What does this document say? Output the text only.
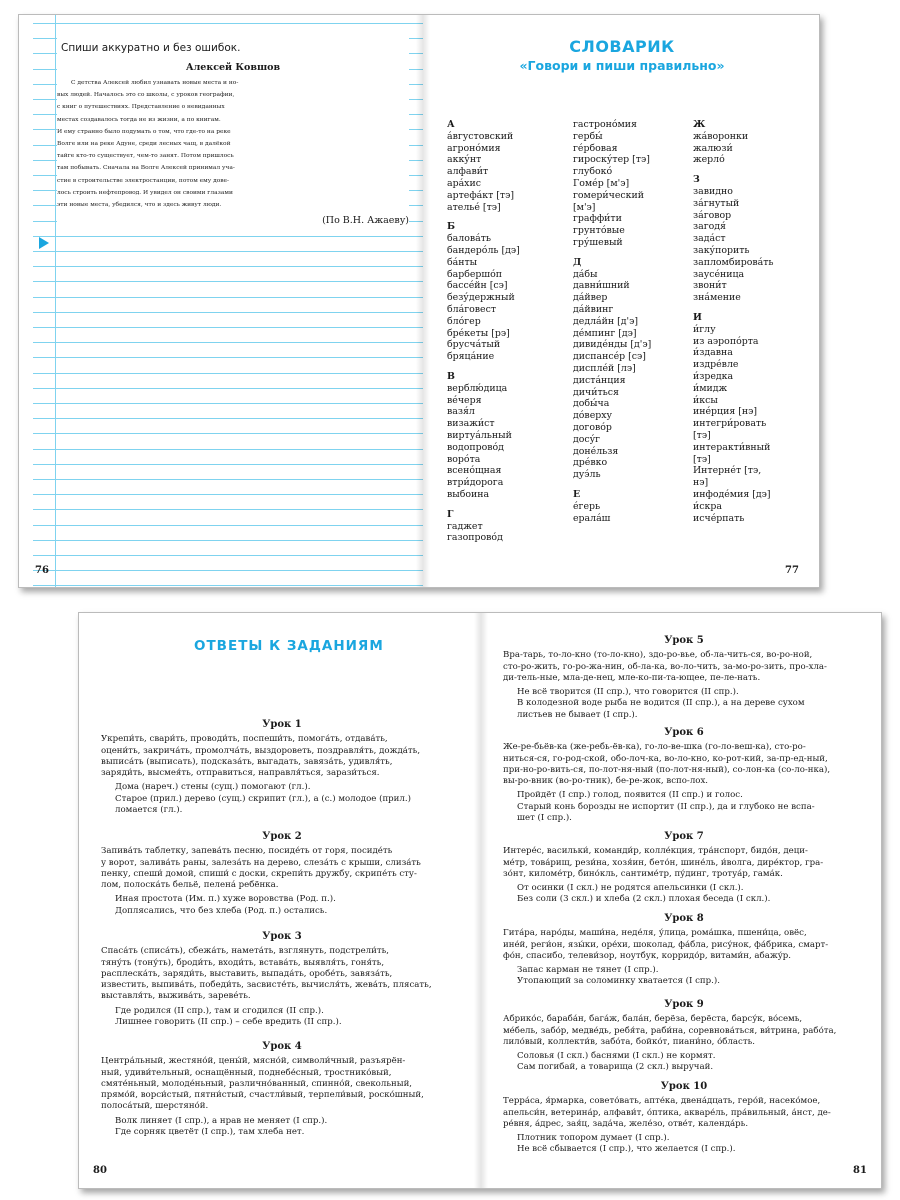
Спиши аккуратно и без ошибок.
Алексей Ковшов
С детства Алексей любил узнавать новые места и но-
вых людей. Началось это со школы, с уроков географии,
с книг о путешествиях. Представление о невиданных
местах создавалось тогда не из жизни, а по книгам.
И ему странно было подумать о том, что где-то на реке
Волге или на реке Адуне, среди лесных чащ, в далёкой
тайге кто-то существует, чем-то занят. Потом пришлось
там побывать. Сначала на Волге Алексей принимал уча-
стие в строительстве электростанции, потом ему дове-
лось строить нефтепровод. И увидел он своими глазами
эти новые места, убедился, что и здесь живут люди.
(По В.Н. Ажаеву)
76
СЛОВАРИК
«Говори и пиши правильно»
А
áвгустовский
агроно́мия
акку́нт
алфави́т
ара́хис
артефа́кт [тэ]
ателье́ [тэ]
Б
балова́ть
бандеро́ль [дэ]
ба́нты
барбершо́п
бассе́йн [сэ]
безу́держный
бла́говест
бло́гер
бре́кеты [рэ]
брусча́тый
бряца́ние
В
верблю́дица
ве́черя
вазя́л
визажи́ст
виртуа́льный
водопрово́д
воро́та
всено́щная
втри́дорога
выбоина
Г
гаджет
газопрово́д
гастроно́мия
гербы́
ге́рбовая
гироску́тер [тэ]
глубоко́
Гоме́р [м'э]
гомери́ческий
[м'э]
граффи́ти
грунто́вые
гру́шевый
Д
да́бы
давни́шний
да́йвер
да́йвинг
дедла́йн [д'э]
де́мпинг [дэ]
дивиде́нды [д'э]
диспансе́р [сэ]
диспле́й [лэ]
дистáнция
дичи́ться
добы́ча
до́верху
догово́р
досу́г
доне́льзя
дре́вко
дуэ́ль
Е
е́герь
ерала́ш
Ж
жа́воронки
жалюзи́
жерло́
З
завидно
за́гнутый
за́говор
загодя́
задáст
заку́порить
запломбирова́ть
заусе́ница
звони́т
зна́мение
И
и́глу
из аэропо́рта
и́здавна
издре́вле
и́зредка
и́мидж
и́ксы
ине́рция [нэ]
интегри́ровать
[тэ]
интеракти́вный
[тэ]
Интерне́т [тэ,
нэ]
инфоде́мия [дэ]
и́скра
исче́рпать
77
ОТВЕТЫ К ЗАДАНИЯМ
Урок 1
Укрепи́ть, свари́ть, проводи́ть, поспеши́ть, помога́ть, отдава́ть,
оцени́ть, закрича́ть, промолча́ть, выздороветь, поздравля́ть, дожда́ть,
выписа́ть (выписать), подсказа́ть, выгадать, завяза́ть, удивля́ть,
заряди́ть, высмея́ть, отправиться, направля́ться, зарази́ться.
Дома (нареч.) стены (сущ.) помогают (гл.).
Старое (прил.) дерево (сущ.) скрипит (гл.), а (с.) молодое (прил.)
ломается (гл.).
Урок 2
Запива́ть таблетку, запева́ть песню, посиде́ть от горя, посиде́ть
у ворот, залива́ть раны, залеза́ть на дерево, слеза́ть с крыши, слиза́ть
пенку, спеши́ домой, спиши́ с доски, скрепи́ть дружбу, скрипе́ть сту-
лом, полоска́ть бельё, пеленá ребёнка.
Иная простота (Им. п.) хуже воровства (Род. п.).
Доплясались, что без хлеба (Род. п.) остались.
Урок 3
Спаса́ть (списа́ть), сбежа́ть, намета́ть, взглянуть, подстрели́ть,
тяну́ть (тону́ть), броди́ть, входи́ть, встава́ть, выявля́ть, гоня́ть,
расплеска́ть, заряди́ть, выставить, выпада́ть, оробе́ть, завяза́ть,
известить, выпива́ть, победи́ть, засвисте́ть, вычисля́ть, жева́ть, плясать,
выставля́ть, выжива́ть, заревéть.
Где родился (II спр.), там и сгодился (II спр.).
Лишнее говорить (II спр.) – себе вредить (II спр.).
Урок 4
Центра́льный, жестяно́й, цены́й, мясно́й, символи́чный, разъярён-
ный, удиви́тельный, оснащённый, поднебе́сный, тростнико́вый,
смяте́ньный, молоде́ньный, различно́ванный, спинно́й, свекольный,
прямо́й, ворси́стый, пятни́стый, счастли́вый, терпели́вый, роско́шный,
полоса́тый, шерстяно́й.
Волк линяет (I спр.), а нрав не меняет (I спр.).
Где сорняк цветёт (I спр.), там хлеба нет.
80
Урок 5
Вра-тарь, то-ло-кно (то-ло-кно), здо-ро-вье, об-ла-чить-ся, во-ро-ной,
сто-ро-жить, го-ро-жа-нин, об-ла-ка, во-ло-чить, за-мо-ро-зить, про-хла-
ди-тель-ные, мла-де-нец, мле-ко-пи-та-ющее, пе-ле-нать.
Не всё творится (II спр.), что говорится (II спр.).
В колодезной воде рыба не водится (II спр.), а на дереве сухом
листьев не бывает (I спр.).
Урок 6
Же-ре-бьёв-ка (же-ребь-ёв-ка), го-ло-ве-шка (го-ло-веш-ка), сто-ро-
ниться-ся, го-род-ской, обо-лоч-ка, во-ло-кно, ко-рот-кий, за-пр-ед-ный,
при-но-ро-вить-ся, по-лот-ня-ный (по-лот-ня-ный), со-лон-ка (со-ло-нка),
вы-ро-вник (во-ро-тник), бе-ре-жок, вспо-лох.
Пройдёт (I спр.) голод, появится (II спр.) и голос.
Старый конь борозды не испортит (II спр.), да и глубоко не вспа-
шет (I спр.).
Урок 7
Интере́с, васильки́, команди́р, колле́кция, тра́нспорт, бидо́н, деци-
ме́тр, това́рищ, рези́на, хозя́ин, бето́н, шине́ль, и́волга, дире́ктор, гра-
зо́нт, киломе́тр, бино́кль, сантиме́тр, пу́динг, тротуа́р, гама́к.
От осинки (I скл.) не родятся апельсинки (I скл.).
Без соли (3 скл.) и хлеба (2 скл.) плохая беседа (I скл.).
Урок 8
Гита́ра, наро́ды, маши́на, неде́ля, у́лица, рома́шка, пшени́ца, овёс,
ине́й, реги́он, язы́ки, оре́хи, шоколад, фа́бла, рису́нок, фа́брика, смарт-
фо́н, спасибо, телеви́зор, ноутбук, корридо́р, витами́н, абажу́р.
Запас карман не тянет (I спр.).
Утопающий за соломинку хватается (I спр.).
Урок 9
Абрико́с, бараба́н, бага́ж, бала́н, берёза, берёста, барсу́к, во́семь,
ме́бель, забо́р, медве́дь, ребя́та, раби́на, соревнова́ться, ви́трина, рабо́та,
лило́вый, коллекти́в, забо́та, бойко́т, пиани́но, о́бласть.
Соловья (I скл.) баснями (I скл.) не кормят.
Сам погибай, а товарища (2 скл.) выручай.
Урок 10
Терра́са, я́рмарка, совето́вать, апте́ка, двена́дцать, геро́й, насеко́мое,
апельси́н, ветерина́р, алфави́т, о́птика, акваре́ль, пра́вильный, а́нст, де-
ре́вня, а́дрес, зая́ц, зада́ча, желе́зо, отве́т, календа́рь.
Плотник топором думает (I спр.).
Не всё сбывается (I спр.), что желается (I спр.).
81
